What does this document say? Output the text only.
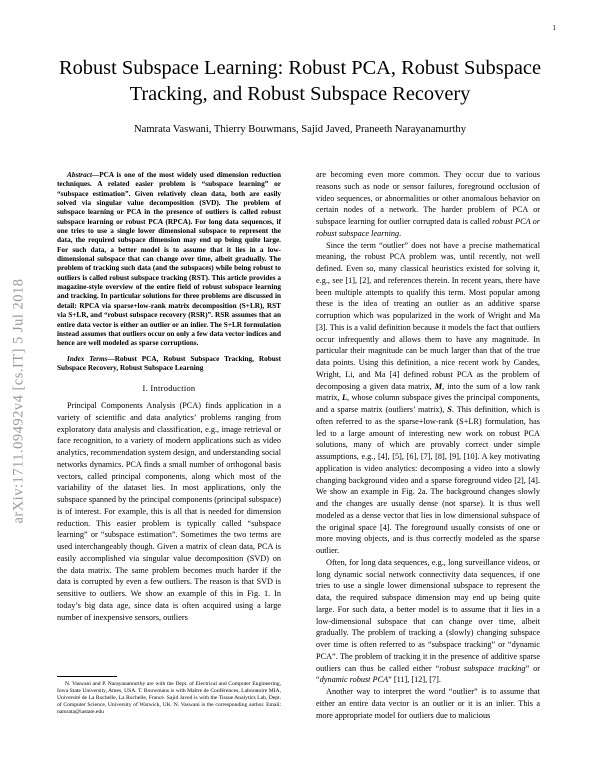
1
arXiv:1711.09492v4 [cs.IT] 5 Jul 2018
Robust Subspace Learning: Robust PCA, Robust Subspace Tracking, and Robust Subspace Recovery
Namrata Vaswani, Thierry Bouwmans, Sajid Javed, Praneeth Narayanamurthy

Abstract—PCA is one of the most widely used dimension reduction techniques. A related easier problem is “subspace learning” or “subspace estimation”. Given relatively clean data, both are easily solved via singular value decomposition (SVD). The problem of subspace learning or PCA in the presence of outliers is called robust subspace learning or robust PCA (RPCA). For long data sequences, if one tries to use a single lower dimensional subspace to represent the data, the required subspace dimension may end up being quite large. For such data, a better model is to assume that it lies in a low-dimensional subspace that can change over time, albeit gradually. The problem of tracking such data (and the subspaces) while being robust to outliers is called robust subspace tracking (RST). This article provides a magazine-style overview of the entire field of robust subspace learning and tracking. In particular solutions for three problems are discussed in detail: RPCA via sparse+low-rank matrix decomposition (S+LR), RST via S+LR, and “robust subspace recovery (RSR)”. RSR assumes that an entire data vector is either an outlier or an inlier. The S+LR formulation instead assumes that outliers occur on only a few data vector indices and hence are well modeled as sparse corruptions.

Index Terms—Robust PCA, Robust Subspace Tracking, Robust Subspace Recovery, Robust Subspace Learning

I. Introduction

Principal Components Analysis (PCA) finds application in a variety of scientific and data analytics’ problems ranging from exploratory data analysis and classification, e.g., image retrieval or face recognition, to a variety of modern applications such as video analytics, recommendation system design, and understanding social networks dynamics. PCA finds a small number of orthogonal basis vectors, called principal components, along which most of the variability of the dataset lies. In most applications, only the subspace spanned by the principal components (principal subspace) is of interest. For example, this is all that is needed for dimension reduction. This easier problem is typically called “subspace learning” or “subspace estimation”. Sometimes the two terms are used interchangeably though. Given a matrix of clean data, PCA is easily accomplished via singular value decomposition (SVD) on the data matrix. The same problem becomes much harder if the data is corrupted by even a few outliers. The reason is that SVD is sensitive to outliers. We show an example of this in Fig. 1. In today’s big data age, since data is often acquired using a large number of inexpensive sensors, outliers

N. Vaswani and P. Narayanamurthy are with the Dept. of Electrical and Computer Engineering, Iowa State University, Ames, USA. T. Bouwmans is with Maître de Conférences, Laboratoire MIA, Université de La Rochelle, La Rochelle, France. Sajid Javed is with the Tissue Analytics Lab, Dept. of Computer Science, University of Warwick, UK. N. Vaswani is the corresponding author. Email: namrata@iastate.edu

are becoming even more common. They occur due to various reasons such as node or sensor failures, foreground occlusion of video sequences, or abnormalities or other anomalous behavior on certain nodes of a network. The harder problem of PCA or subspace learning for outlier corrupted data is called robust PCA or robust subspace learning.

Since the term “outlier” does not have a precise mathematical meaning, the robust PCA problem was, until recently, not well defined. Even so, many classical heuristics existed for solving it, e.g., see [1], [2], and references therein. In recent years, there have been multiple attempts to qualify this term. Most popular among these is the idea of treating an outlier as an additive sparse corruption which was popularized in the work of Wright and Ma [3]. This is a valid definition because it models the fact that outliers occur infrequently and allows them to have any magnitude. In particular their magnitude can be much larger than that of the true data points. Using this definition, a nice recent work by Candes, Wright, Li, and Ma [4] defined robust PCA as the problem of decomposing a given data matrix, M, into the sum of a low rank matrix, L, whose column subspace gives the principal components, and a sparse matrix (outliers’ matrix), S. This definition, which is often referred to as the sparse+low-rank (S+LR) formulation, has led to a large amount of interesting new work on robust PCA solutions, many of which are provably correct under simple assumptions, e.g., [4], [5], [6], [7], [8], [9], [10]. A key motivating application is video analytics: decomposing a video into a slowly changing background video and a sparse foreground video [2], [4]. We show an example in Fig. 2a. The background changes slowly and the changes are usually dense (not sparse). It is thus well modeled as a dense vector that lies in low dimensional subspace of the original space [4]. The foreground usually consists of one or more moving objects, and is thus correctly modeled as the sparse outlier.

Often, for long data sequences, e.g., long surveillance videos, or long dynamic social network connectivity data sequences, if one tries to use a single lower dimensional subspace to represent the data, the required subspace dimension may end up being quite large. For such data, a better model is to assume that it lies in a low-dimensional subspace that can change over time, albeit gradually. The problem of tracking a (slowly) changing subspace over time is often referred to as “subspace tracking” or “dynamic PCA”. The problem of tracking it in the presence of additive sparse outliers can thus be called either “robust subspace tracking” or “dynamic robust PCA” [11], [12], [7].

Another way to interpret the word “outlier” is to assume that either an entire data vector is an outlier or it is an inlier. This a more appropriate model for outliers due to malicious
